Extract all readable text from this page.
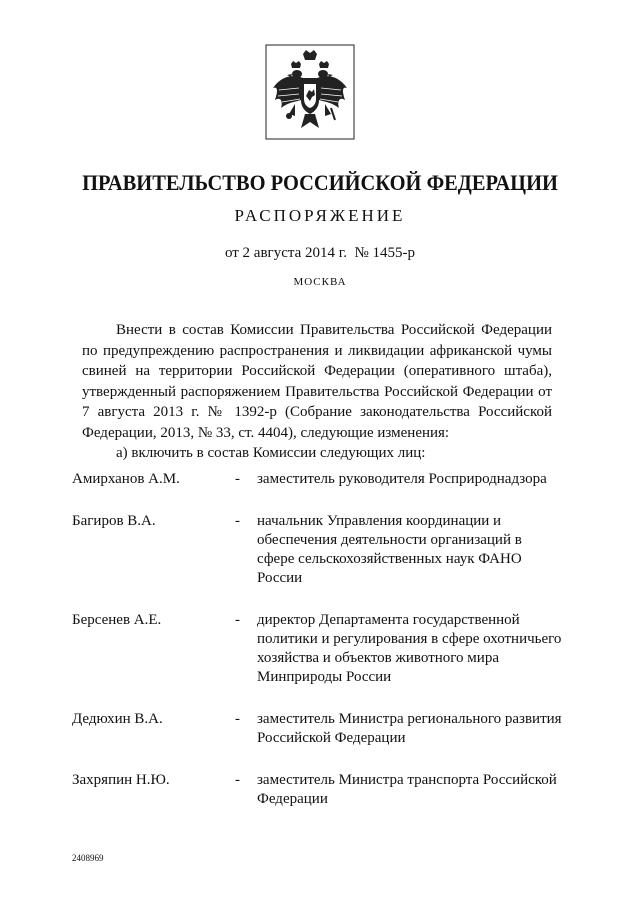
ПРАВИТЕЛЬСТВО РОССИЙСКОЙ ФЕДЕРАЦИИ
РАСПОРЯЖЕНИЕ
от 2 августа 2014 г.  № 1455-р
МОСКВА

Внести в состав Комиссии Правительства Российской Федерации по предупреждению распространения и ликвидации африканской чумы свиней на территории Российской Федерации (оперативного штаба), утвержденный распоряжением Правительства Российской Федерации от 7 августа 2013 г. № 1392-р (Собрание законодательства Российской Федерации, 2013, № 33, ст. 4404), следующие изменения:

а) включить в состав Комиссии следующих лиц:

Амирханов А.М.	-	заместитель руководителя Росприроднадзора
Багиров В.А.	-	начальник Управления координации и обеспечения деятельности организаций в сфере сельскохозяйственных наук ФАНО России
Берсенев А.Е.	-	директор Департамента государственной политики и регулирования в сфере охотничьего хозяйства и объектов животного мира Минприроды России
Дедюхин В.А.	-	заместитель Министра регионального развития Российской Федерации
Захряпин Н.Ю.	-	заместитель Министра транспорта Российской Федерации
2408969
